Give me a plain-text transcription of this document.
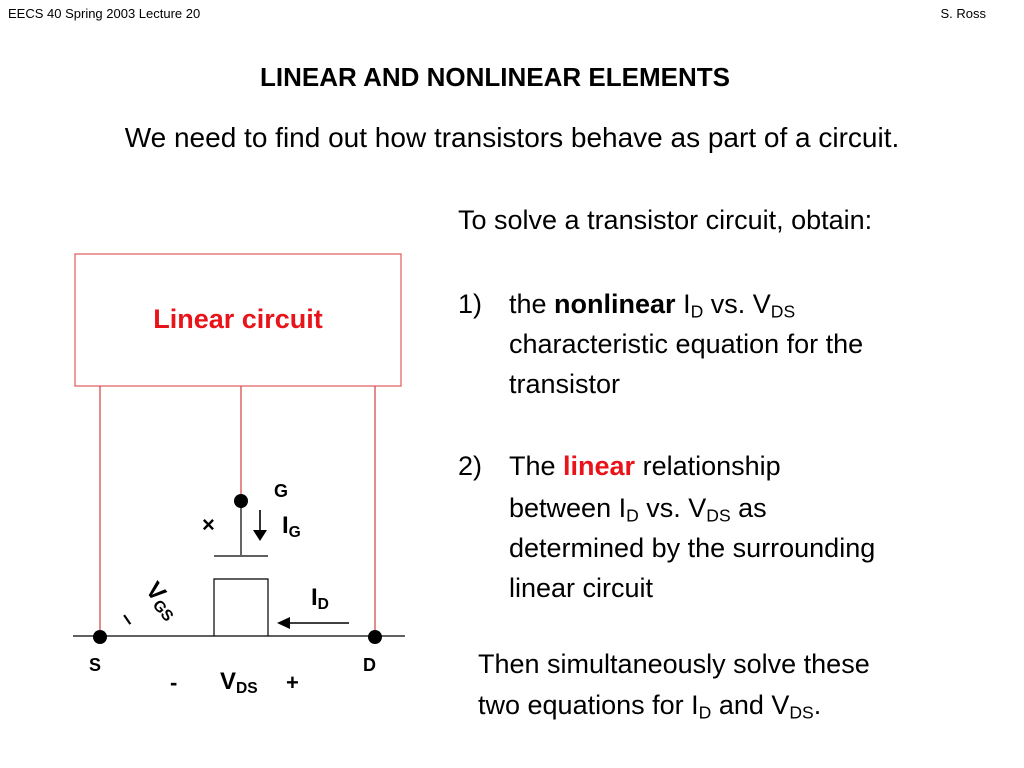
EECS 40 Spring 2003 Lecture 20	S. Ross
LINEAR AND NONLINEAR ELEMENTS
We need to find out how transistors behave as part of a circuit.
Linear circuit
G
S	D
$I_G$
$I_D$
×
–
$V_{GS}$
- $V_{DS}$ +
To solve a transistor circuit, obtain:
1) the nonlinear $I_D$ vs. $V_{DS}$
characteristic equation for the
transistor
2) The linear relationship
between $I_D$ vs. $V_{DS}$ as
determined by the surrounding
linear circuit
Then simultaneously solve these
two equations for $I_D$ and $V_{DS}$.
